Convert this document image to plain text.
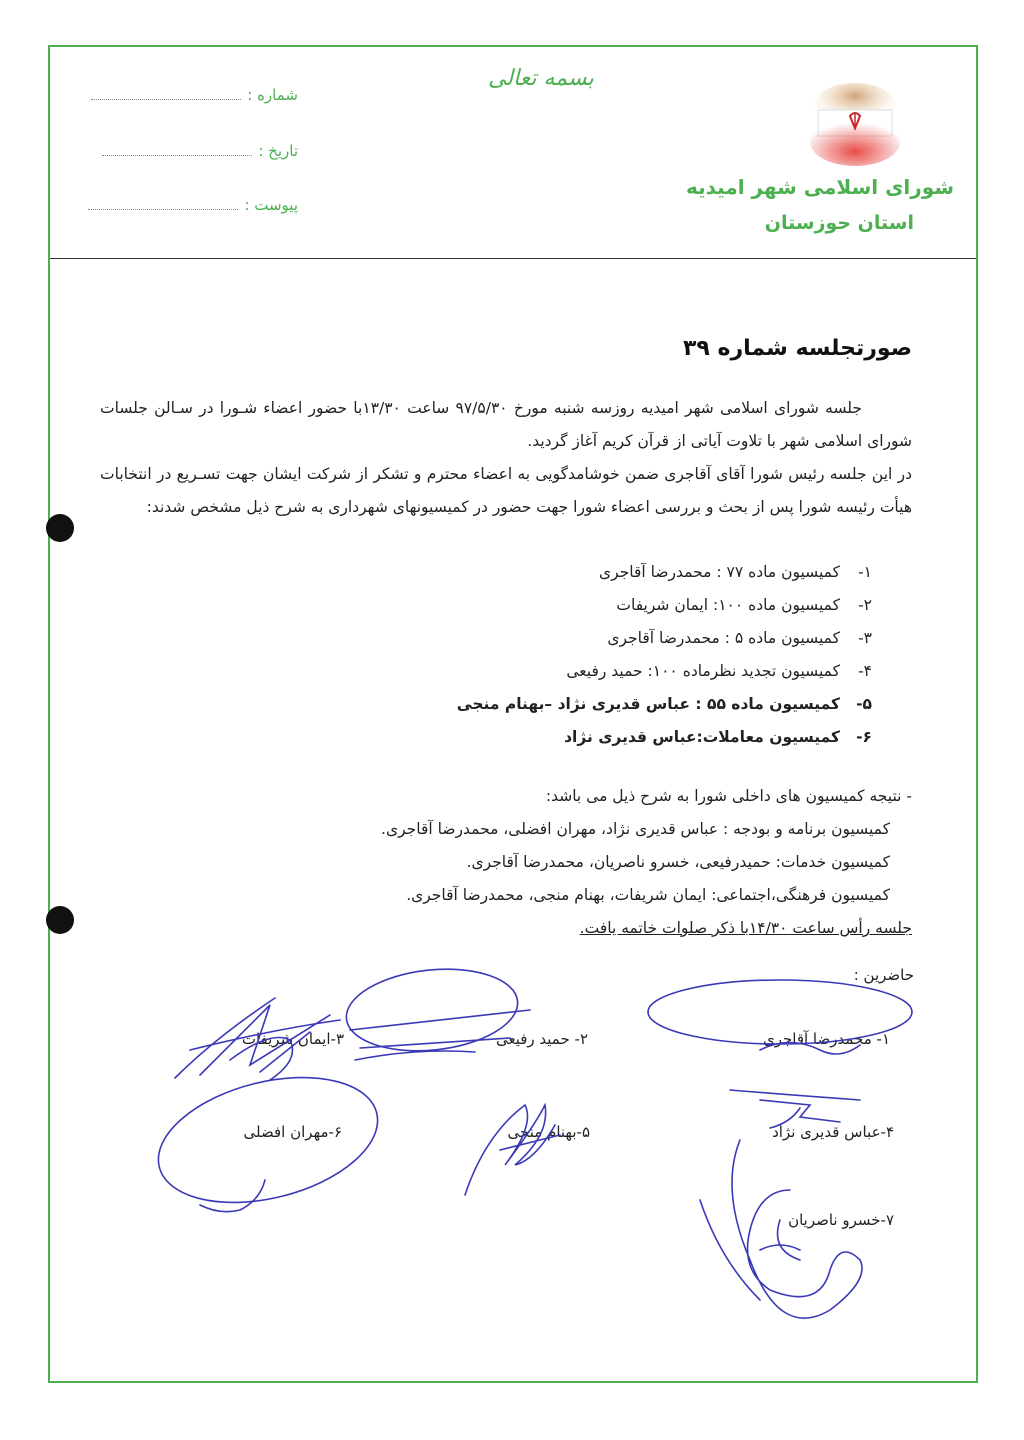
بسمه تعالی
شماره :
تاریخ :
پیوست :
شورای اسلامی شهر امیدیه
استان حوزستان
صورتجلسه شماره ۳۹

جلسه شورای اسلامی شهر امیدیه روزسه شنبه مورخ ۹۷/۵/۳۰ ساعت ۱۳/۳۰با حضور اعضاء شـورا در سـالن جلسات شورای اسلامی شهر با تلاوت آیاتی از قرآن کریم آغاز گردید.

در این جلسه رئیس شورا آقای آقاجری ضمن خوشامدگویی به اعضاء محترم و تشکر از شرکت ایشان جهت تسـریع در انتخابات هیأت رئیسه شورا پس از بحث و بررسی اعضاء شورا جهت حضور در کمیسیونهای شهرداری به شرح ذیل مشخص شدند:

۱-کمیسیون ماده ۷۷ : محمدرضا آقاجری

۲-کمیسیون ماده ۱۰۰: ایمان شریفات

۳-کمیسیون ماده ۵ : محمدرضا آقاجری

۴-کمیسیون تجدید نظرماده ۱۰۰: حمید رفیعی

۵-کمیسیون ماده ۵۵ : عباس قدیری نژاد –بهنام منجی

۶-کمیسیون معاملات:عباس قدیری نژاد

- نتیجه کمیسیون های داخلی شورا به شرح ذیل می باشد:

کمیسیون برنامه و بودجه : عباس قدیری نژاد، مهران افضلی، محمدرضا آقاجری.

کمیسیون خدمات: حمیدرفیعی، خسرو ناصریان، محمدرضا آقاجری.

کمیسیون فرهنگی،اجتماعی: ایمان شریفات، بهنام منجی، محمدرضا آقاجری.

جلسه رأس ساعت ۱۴/۳۰با ذکر صلوات خاتمه یافت.

حاضرین :
۱- محمدرضا آقاجری
۲- حمید رفیعی
۳-ایمان شریفات
۴-عباس قدیری نژاد
۵-بهنام منجی
۶-مهران افضلی
۷-خسرو ناصریان
